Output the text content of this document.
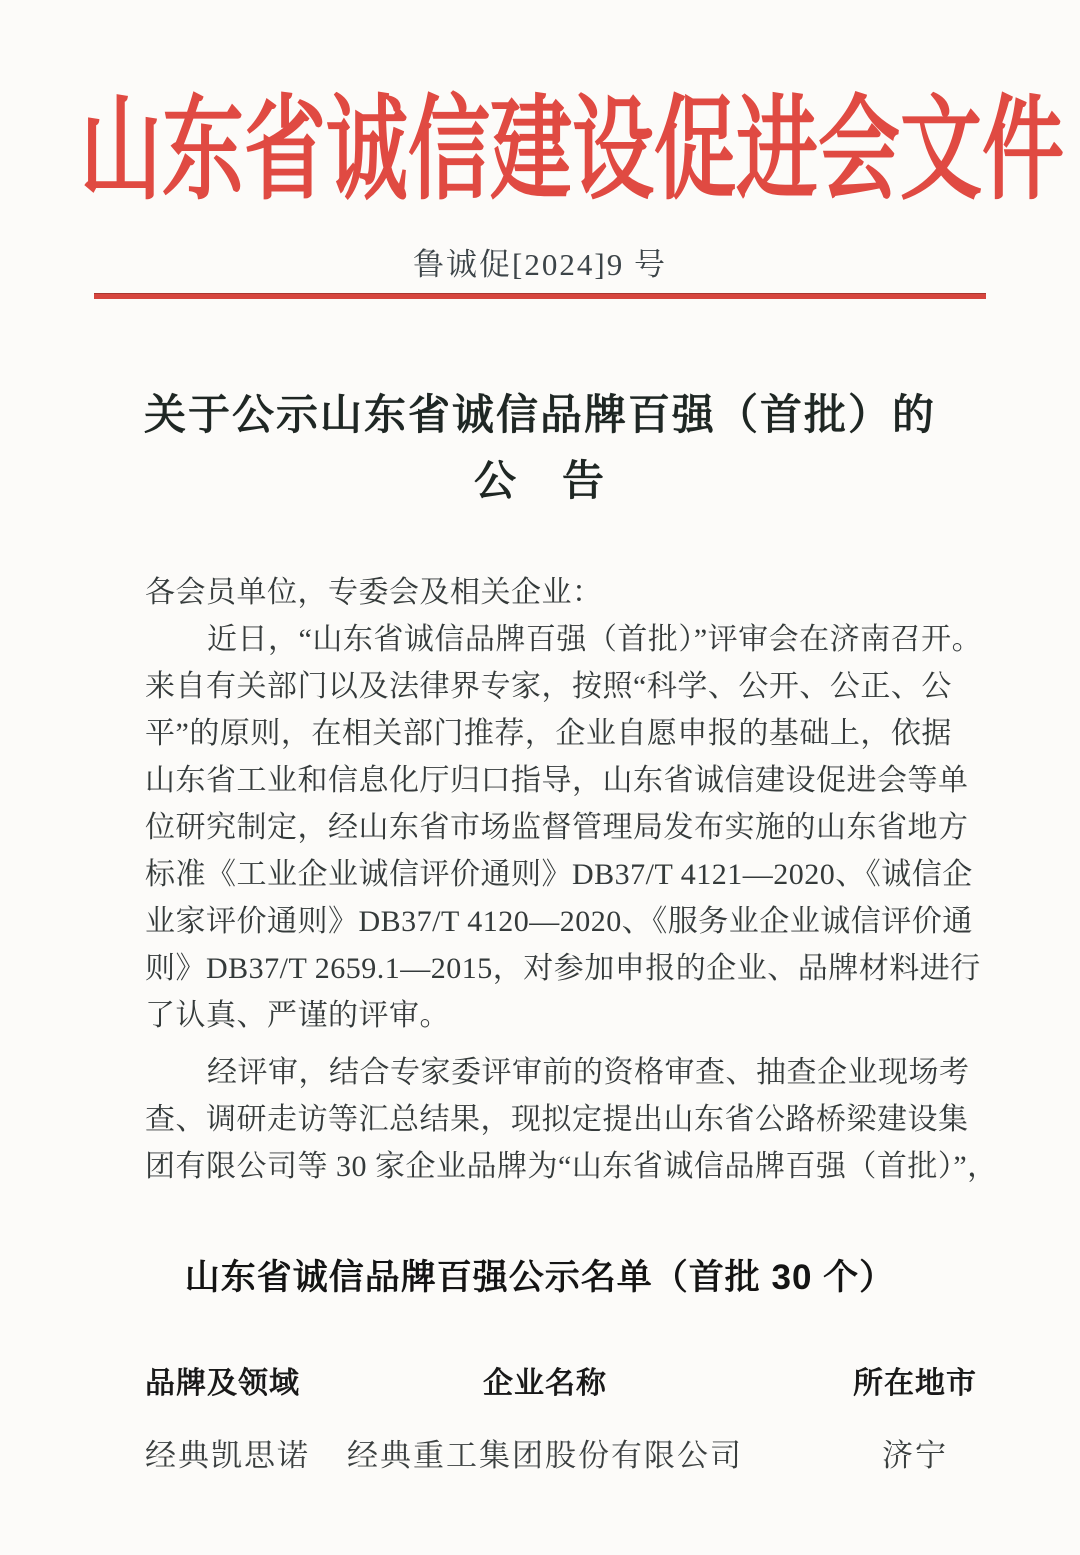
山东省诚信建设促进会文件
鲁诚促[2024]9 号
关于公示山东省诚信品牌百强（首批）的
公　告
各会员单位，专委会及相关企业：
近日，“山东省诚信品牌百强（首批）”评审会在济南召开。
来自有关部门以及法律界专家，按照“科学、公开、公正、公
平”的原则，在相关部门推荐，企业自愿申报的基础上，依据
山东省工业和信息化厅归口指导，山东省诚信建设促进会等单
位研究制定，经山东省市场监督管理局发布实施的山东省地方
标准《工业企业诚信评价通则》DB37/T 4121—2020、《诚信企
业家评价通则》DB37/T 4120—2020、《服务业企业诚信评价通
则》DB37/T 2659.1—2015，对参加申报的企业、品牌材料进行
了认真、严谨的评审。
经评审，结合专家委评审前的资格审查、抽查企业现场考
查、调研走访等汇总结果，现拟定提出山东省公路桥梁建设集
团有限公司等 30 家企业品牌为“山东省诚信品牌百强（首批）”，
山东省诚信品牌百强公示名单（首批 30 个）
品牌及领域	企业名称	所在地市
经典凯思诺	经典重工集团股份有限公司	济宁
